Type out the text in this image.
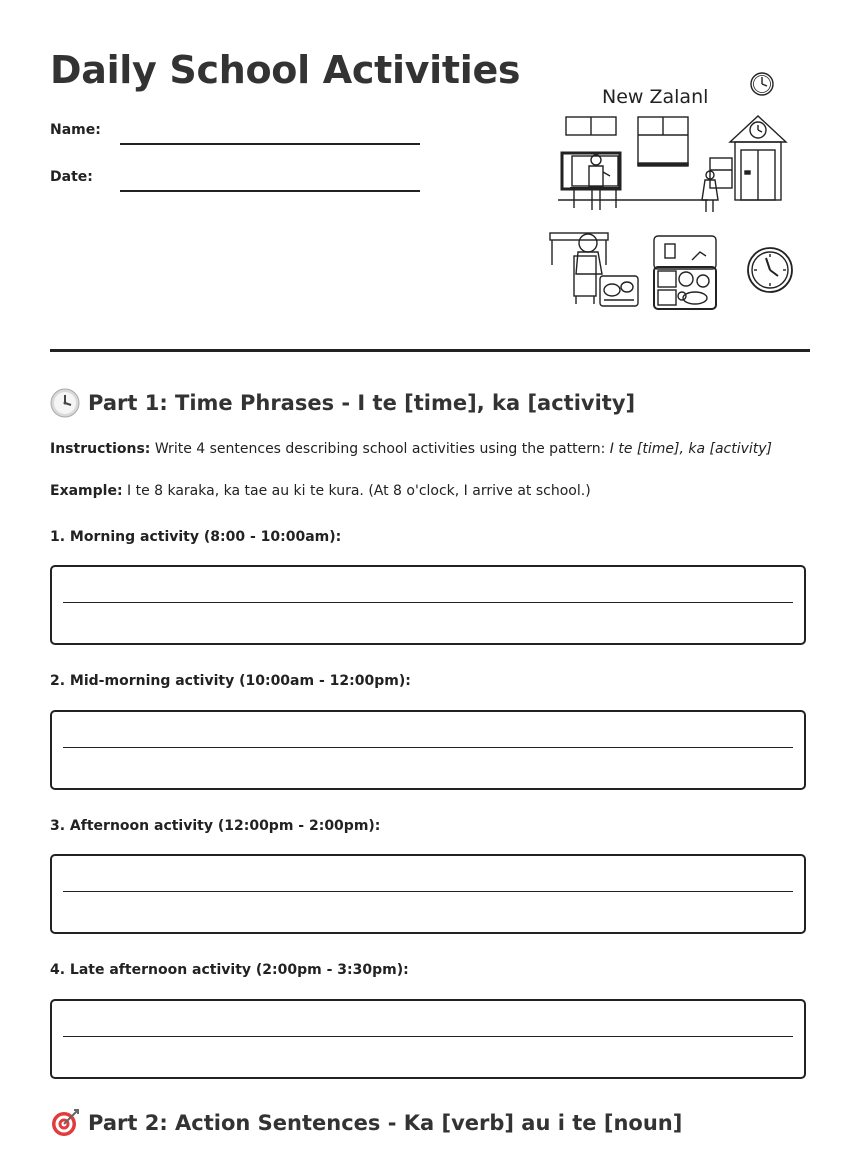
Daily School Activities
Name:
Date:
New Zalanl
Part 1: Time Phrases - I te [time], ka [activity]
Instructions: Write 4 sentences describing school activities using the pattern: I te [time], ka [activity]
Example: I te 8 karaka, ka tae au ki te kura. (At 8 o'clock, I arrive at school.)
1. Morning activity (8:00 - 10:00am):
2. Mid-morning activity (10:00am - 12:00pm):
3. Afternoon activity (12:00pm - 2:00pm):
4. Late afternoon activity (2:00pm - 3:30pm):
Part 2: Action Sentences - Ka [verb] au i te [noun]
